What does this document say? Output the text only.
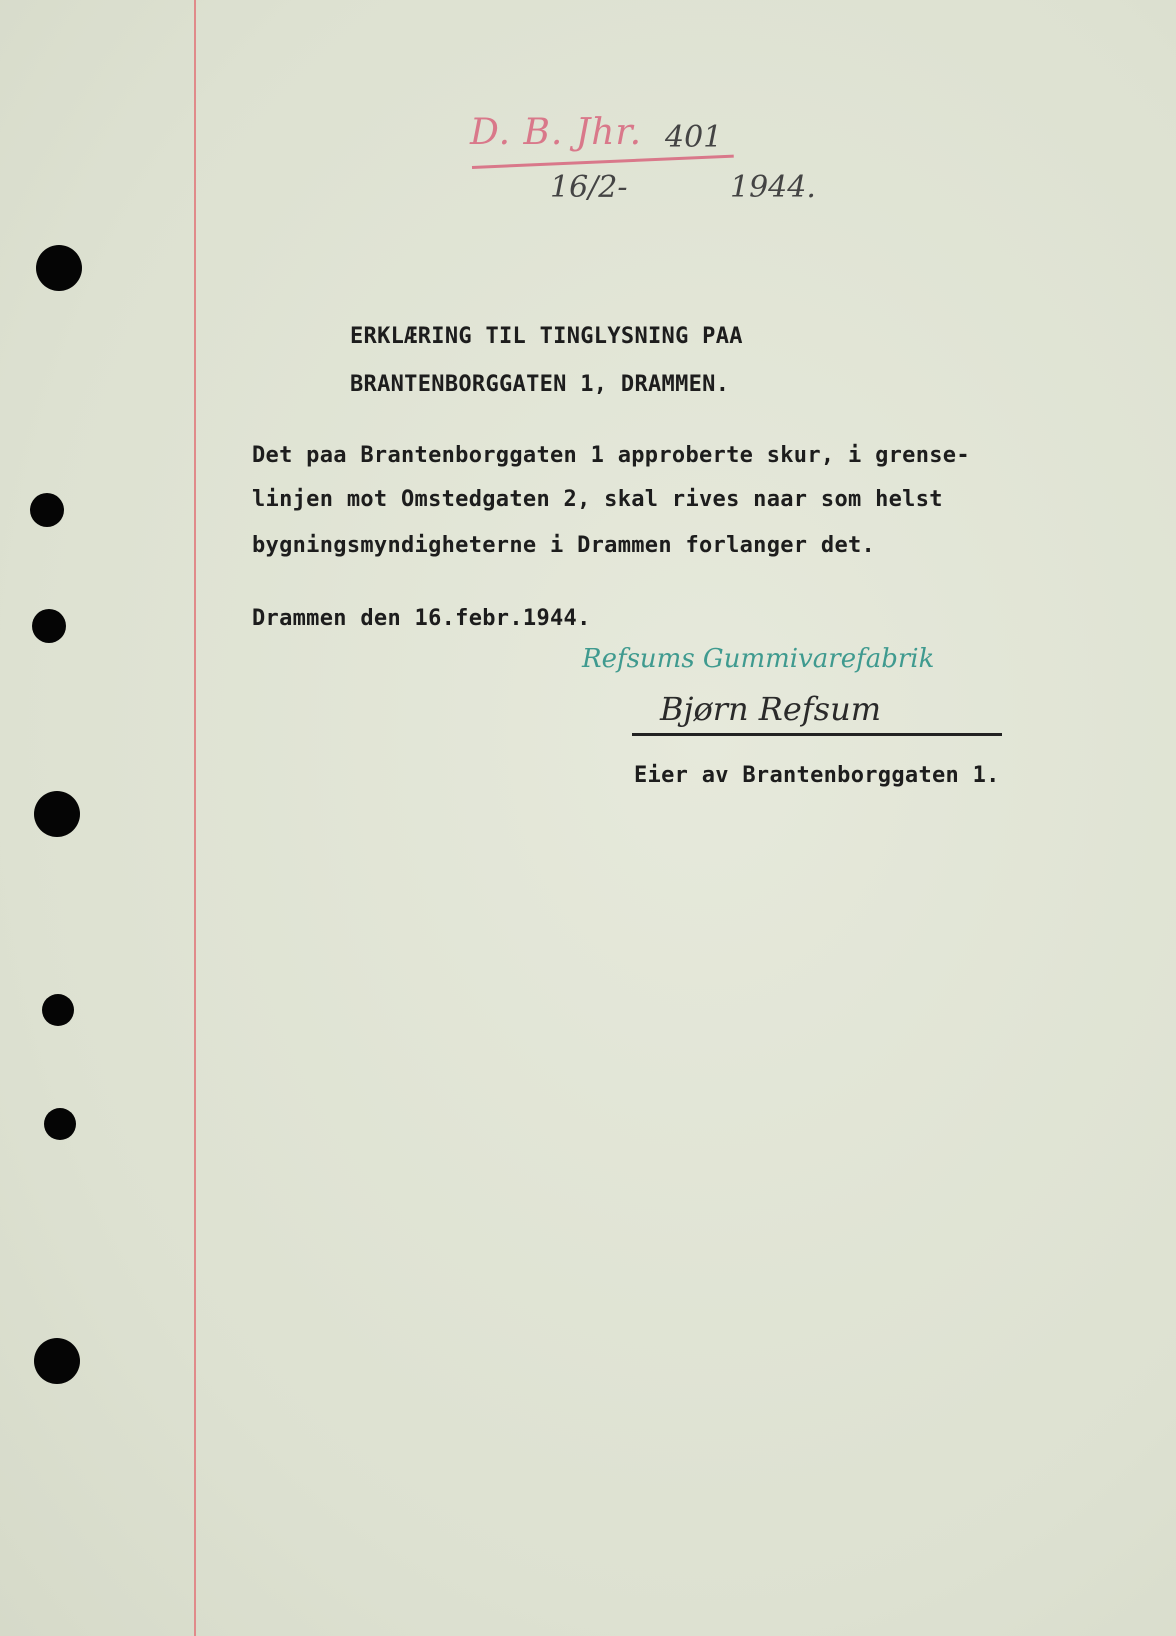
D. B. Jhr. 401
16/2-	1944.
ERKLÆRING TIL TINGLYSNING PAA
BRANTENBORGGATEN 1, DRAMMEN.
Det paa Brantenborggaten 1 approberte skur, i grense-
linjen mot Omstedgaten 2, skal rives naar som helst
bygningsmyndigheterne i Drammen forlanger det.
Drammen den 16.febr.1944.
Refsums Gummivarefabrik
Bjørn Refsum
Eier av Brantenborggaten 1.
